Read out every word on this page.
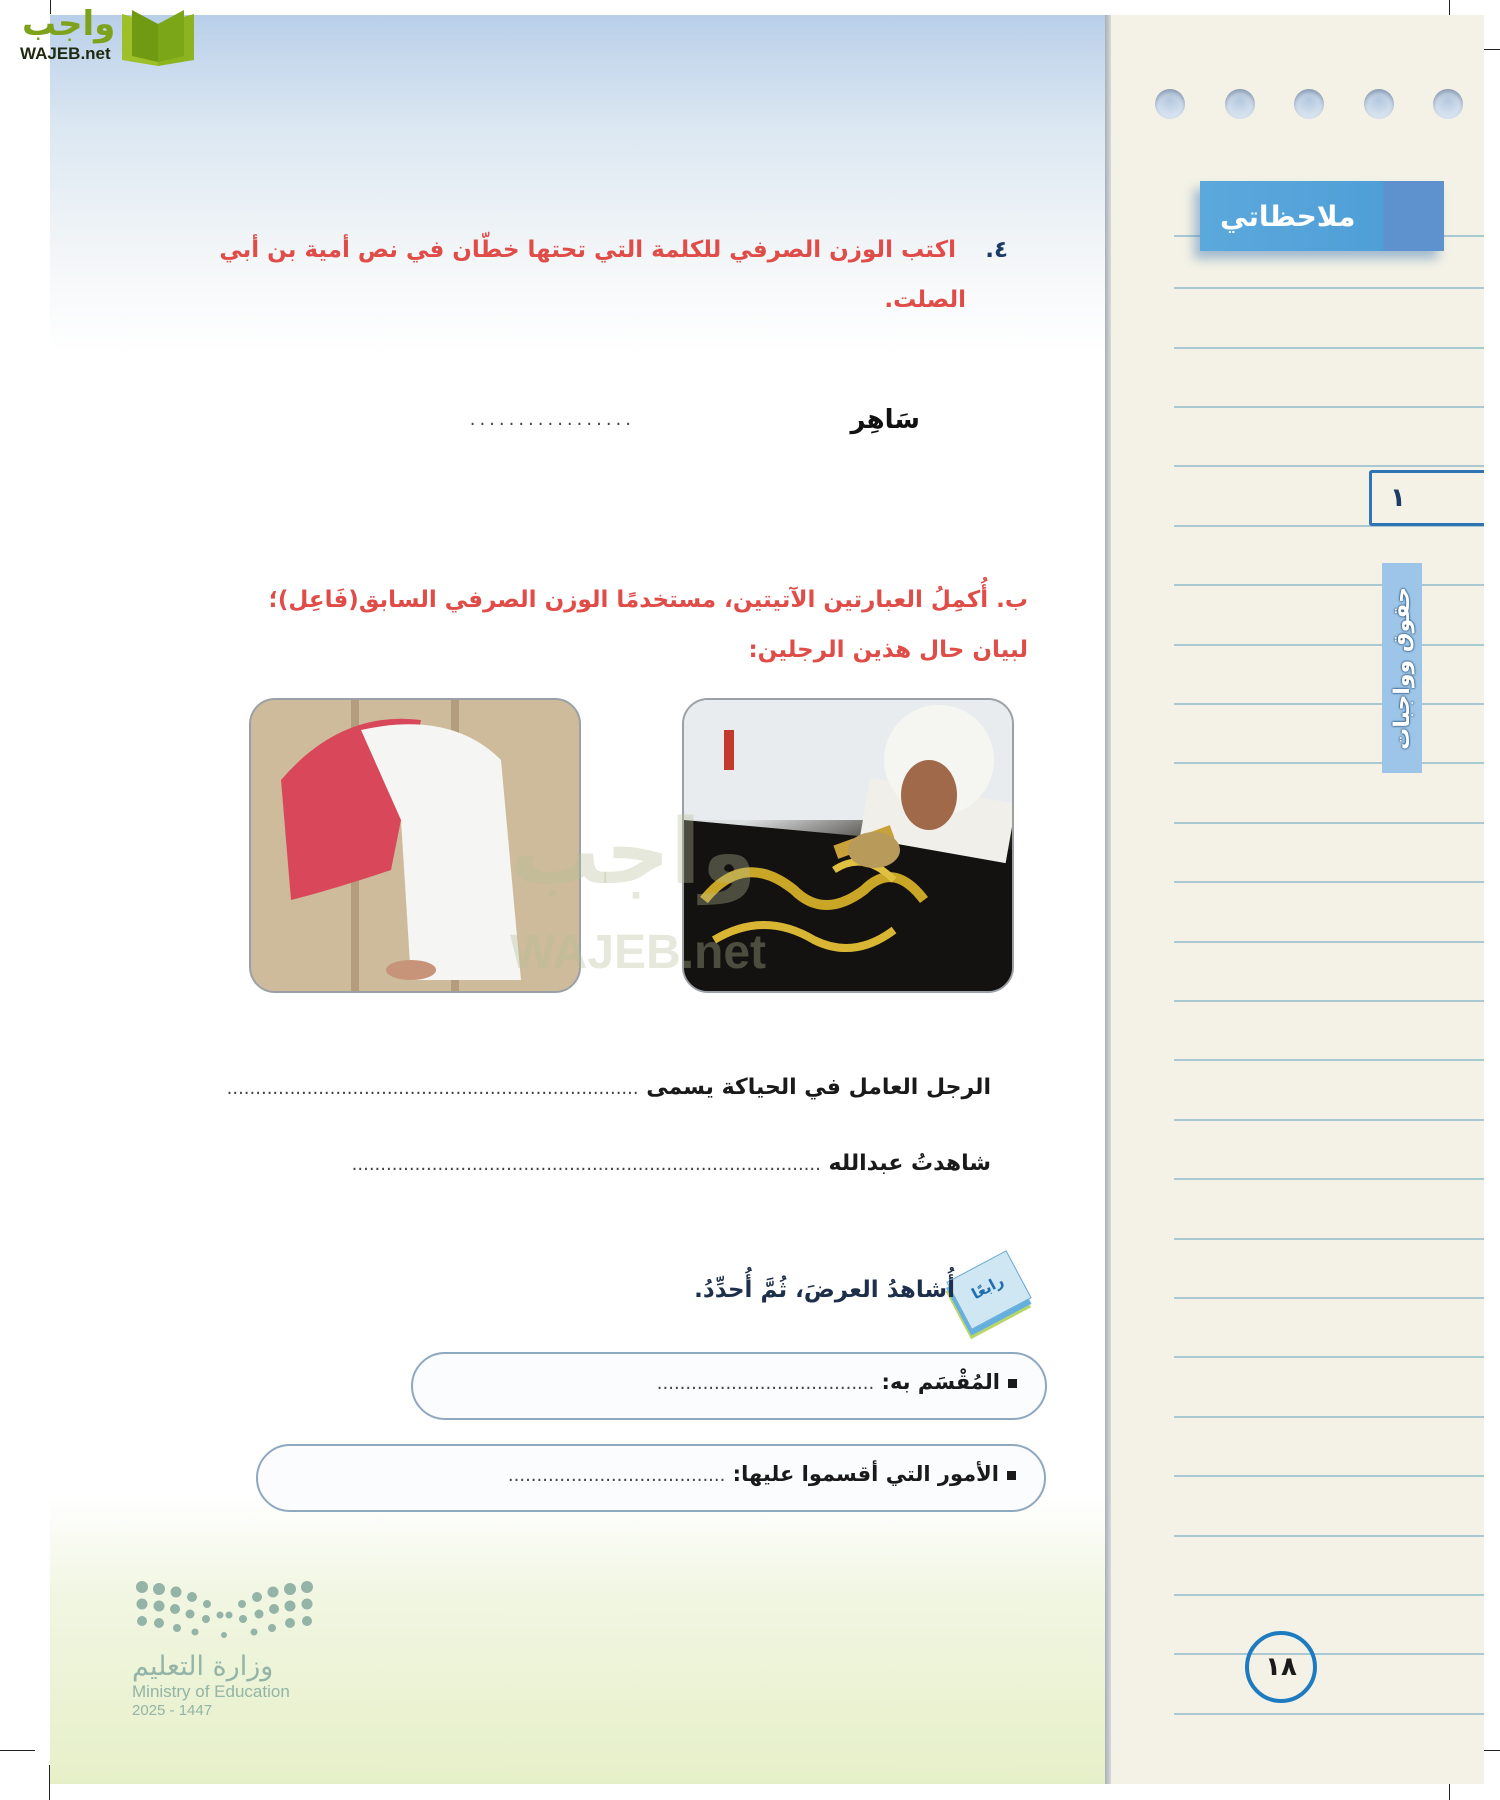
٤.    اكتب الوزن الصرفي للكلمة التي تحتها خطّان في نص أمية بن أبي
الصلت.
سَاهِر
.................
ب. أُكمِلُ العبارتين الآتيتين، مستخدمًا الوزن الصرفي السابق(فَاعِل)؛
لبيان حال هذين الرجلين:
الرجل العامل في الحياكة يسمى ........................................................................
شاهدتُ عبدالله ..................................................................................
رابعًا
أُشاهدُ العرضَ، ثُمَّ أُحدِّدُ.
المُقْسَم به: ......................................
الأمور التي أقسموا عليها: ......................................
وزارة التعليم
Ministry of Education
2025 - 1447
ملاحظاتي
١
حقوق وواجبات
١٨
واجب
WAJEB.net
واجب
WAJEB.net
